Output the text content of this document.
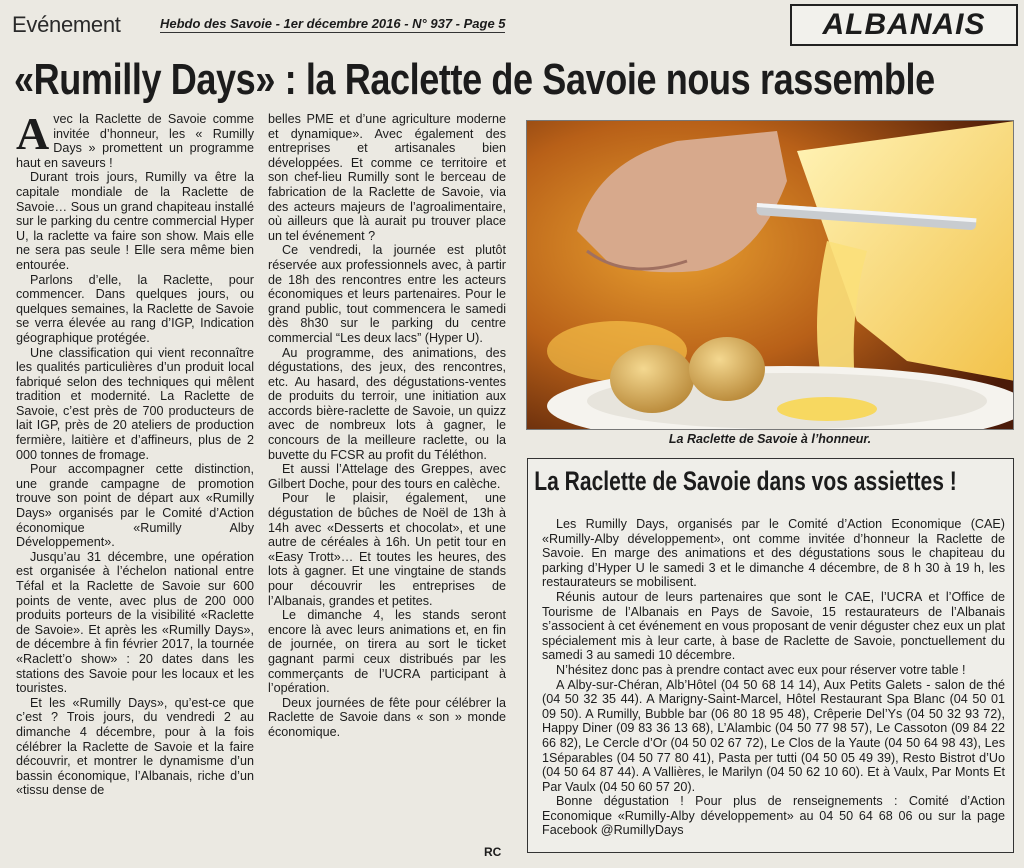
Evénement	Hebdo des Savoie - 1er décembre 2016 - N° 937 - Page 5	ALBANAIS
«Rumilly Days» : la Raclette de Savoie nous rassemble

Avec la Raclette de Savoie comme invitée d’honneur, les « Rumilly Days » promettent un programme haut en saveurs !

Durant trois jours, Rumilly va être la capitale mondiale de la Raclette de Savoie… Sous un grand chapiteau installé sur le parking du centre commercial Hyper U, la raclette va faire son show. Mais elle ne sera pas seule ! Elle sera même bien entourée.

Parlons d’elle, la Raclette, pour commencer. Dans quelques jours, ou quelques semaines, la Raclette de Savoie se verra élevée au rang d’IGP, Indication géographique protégée.

Une classification qui vient reconnaître les qualités particulières d’un produit local fabriqué selon des techniques qui mêlent tradition et modernité. La Raclette de Savoie, c’est près de 700 producteurs de lait IGP, près de 20 ateliers de production fermière, laitière et d’affineurs, plus de 2 000 tonnes de fromage.

Pour accompagner cette distinction, une grande campagne de promotion trouve son point de départ aux «Rumilly Days» organisés par le Comité d’Action économique «Rumilly Alby Développement».

Jusqu’au 31 décembre, une opération est organisée à l’échelon national entre Téfal et la Raclette de Savoie sur 600 points de vente, avec plus de 200 000 produits porteurs de la visibilité «Raclette de Savoie». Et après les «Rumilly Days», de décembre à fin février 2017, la tournée «Raclett’o show» : 20 dates dans les stations des Savoie pour les locaux et les touristes.

Et les «Rumilly Days», qu’est-ce que c’est ? Trois jours, du vendredi 2 au dimanche 4 décembre, pour à la fois célébrer la Raclette de Savoie et la faire découvrir, et montrer le dynamisme d’un bassin économique, l’Albanais, riche d’un «tissu dense de

belles PME et d’une agriculture moderne et dynamique». Avec également des entreprises et artisanales bien développées. Et comme ce territoire et son chef-lieu Rumilly sont le berceau de fabrication de la Raclette de Savoie, via des acteurs majeurs de l’agroalimentaire, où ailleurs que là aurait pu trouver place un tel événement ?

Ce vendredi, la journée est plutôt réservée aux professionnels avec, à partir de 18h des rencontres entre les acteurs économiques et leurs partenaires. Pour le grand public, tout commencera le samedi dès 8h30 sur le parking du centre commercial “Les deux lacs” (Hyper U).

Au programme, des animations, des dégustations, des jeux, des rencontres, etc. Au hasard, des dégustations-ventes de produits du terroir, une initiation aux accords bière-raclette de Savoie, un quizz avec de nombreux lots à gagner, le concours de la meilleure raclette, ou la buvette du FCSR au profit du Téléthon.

Et aussi l’Attelage des Greppes, avec Gilbert Doche, pour des tours en calèche.

Pour le plaisir, également, une dégustation de bûches de Noël de 13h à 14h avec «Desserts et chocolat», et une autre de céréales à 16h. Un petit tour en «Easy Trott»… Et toutes les heures, des lots à gagner. Et une vingtaine de stands pour découvrir les entreprises de l’Albanais, grandes et petites.

Le dimanche 4, les stands seront encore là avec leurs animations et, en fin de journée, on tirera au sort le ticket gagnant parmi ceux distribués par les commerçants de l’UCRA participant à l’opération.

Deux journées de fête pour célébrer la Raclette de Savoie dans « son » monde économique.

La Raclette de Savoie à l’honneur.
La Raclette de Savoie dans vos assiettes !

Les Rumilly Days, organisés par le Comité d’Action Economique (CAE) «Rumilly-Alby développement», ont comme invitée d’honneur la Raclette de Savoie. En marge des animations et des dégustations sous le chapiteau du parking d’Hyper U le samedi 3 et le dimanche 4 décembre, de 8 h 30 à 19 h, les restaurateurs se mobilisent.

Réunis autour de leurs partenaires que sont le CAE, l’UCRA et l’Office de Tourisme de l’Albanais en Pays de Savoie, 15 restaurateurs de l’Albanais s’associent à cet événement en vous proposant de venir déguster chez eux un plat spécialement mis à leur carte, à base de Raclette de Savoie, ponctuellement du samedi 3 au samedi 10 décembre.

N’hésitez donc pas à prendre contact avec eux pour réserver votre table !

A Alby-sur-Chéran, Alb’Hôtel (04 50 68 14 14), Aux Petits Galets - salon de thé (04 50 32 35 44). A Marigny-Saint-Marcel, Hôtel Restaurant Spa Blanc (04 50 01 09 50). A Rumilly, Bubble bar (06 80 18 95 48), Crêperie Del’Ys (04 50 32 93 72), Happy Diner (09 83 36 13 68), L’Alambic (04 50 77 98 57), Le Cassoton (09 84 22 66 82), Le Cercle d’Or (04 50 02 67 72), Le Clos de la Yaute (04 50 64 98 43), Les 1Séparables (04 50 77 80 41), Pasta per tutti (04 50 05 49 39), Resto Bistrot d’Uo (04 50 64 87 44). A Vallières, le Marilyn (04 50 62 10 60). Et à Vaulx, Par Monts Et Par Vaulx (04 50 60 57 20).

Bonne dégustation ! Pour plus de renseignements : Comité d’Action Economique «Rumilly-Alby développement» au 04 50 64 68 06 ou sur la page Facebook @RumillyDays

RC
